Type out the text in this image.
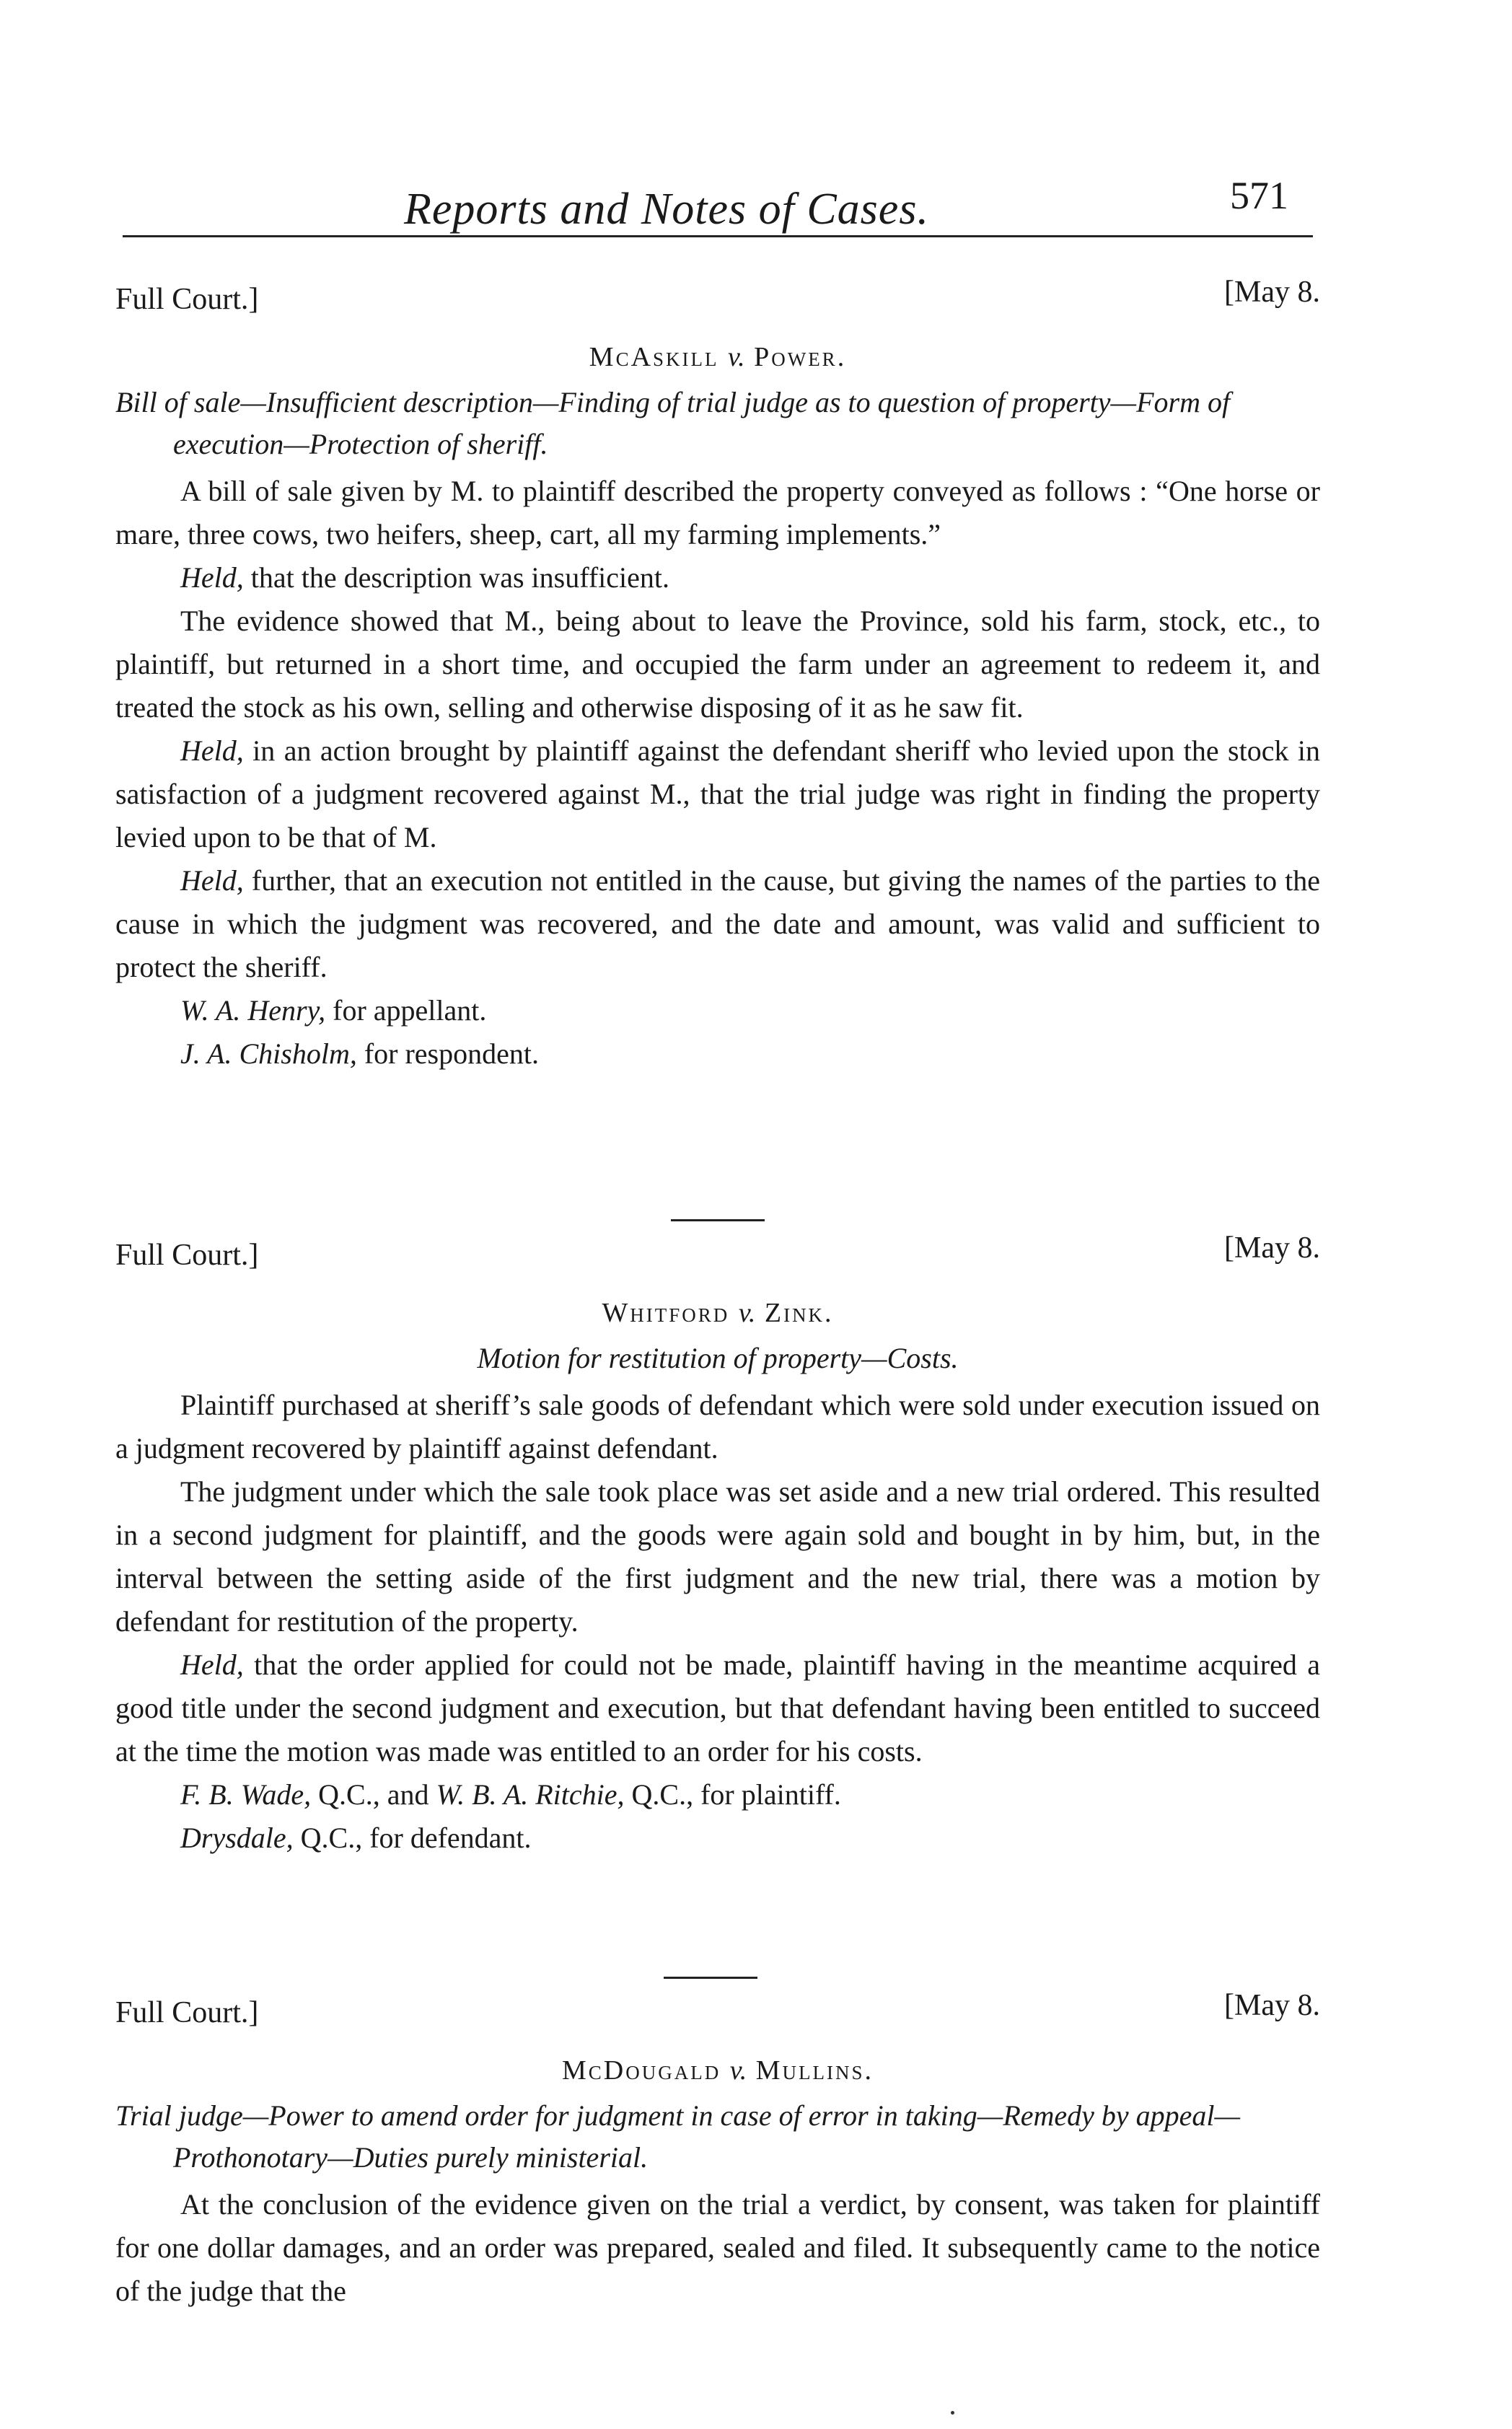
Reports and Notes of Cases.	571
Full Court.]	[May 8.
McAskill v. Power.

Bill of sale—Insufficient description—Finding of trial judge as to question of property—Form of execution—Protection of sheriff.

A bill of sale given by M. to plaintiff described the property conveyed as follows : “One horse or mare, three cows, two heifers, sheep, cart, all my farming implements.”

Held, that the description was insufficient.

The evidence showed that M., being about to leave the Province, sold his farm, stock, etc., to plaintiff, but returned in a short time, and occupied the farm under an agreement to redeem it, and treated the stock as his own, selling and otherwise disposing of it as he saw fit.

Held, in an action brought by plaintiff against the defendant sheriff who levied upon the stock in satisfaction of a judgment recovered against M., that the trial judge was right in finding the property levied upon to be that of M.

Held, further, that an execution not entitled in the cause, but giving the names of the parties to the cause in which the judgment was recovered, and the date and amount, was valid and sufficient to protect the sheriff.

W. A. Henry, for appellant.

J. A. Chisholm, for respondent.

Full Court.]	[May 8.
Whitford v. Zink.

Motion for restitution of property—Costs.

Plaintiff purchased at sheriff’s sale goods of defendant which were sold under execution issued on a judgment recovered by plaintiff against defendant.

The judgment under which the sale took place was set aside and a new trial ordered. This resulted in a second judgment for plaintiff, and the goods were again sold and bought in by him, but, in the interval between the setting aside of the first judgment and the new trial, there was a motion by defendant for restitution of the property.

Held, that the order applied for could not be made, plaintiff having in the meantime acquired a good title under the second judgment and execution, but that defendant having been entitled to succeed at the time the motion was made was entitled to an order for his costs.

F. B. Wade, Q.C., and W. B. A. Ritchie, Q.C., for plaintiff.

Drysdale, Q.C., for defendant.

Full Court.]	[May 8.
McDougald v. Mullins.

Trial judge—Power to amend order for judgment in case of error in taking—Remedy by appeal—Prothonotary—Duties purely ministerial.

At the conclusion of the evidence given on the trial a verdict, by consent, was taken for plaintiff for one dollar damages, and an order was prepared, sealed and filed. It subsequently came to the notice of the judge that the
